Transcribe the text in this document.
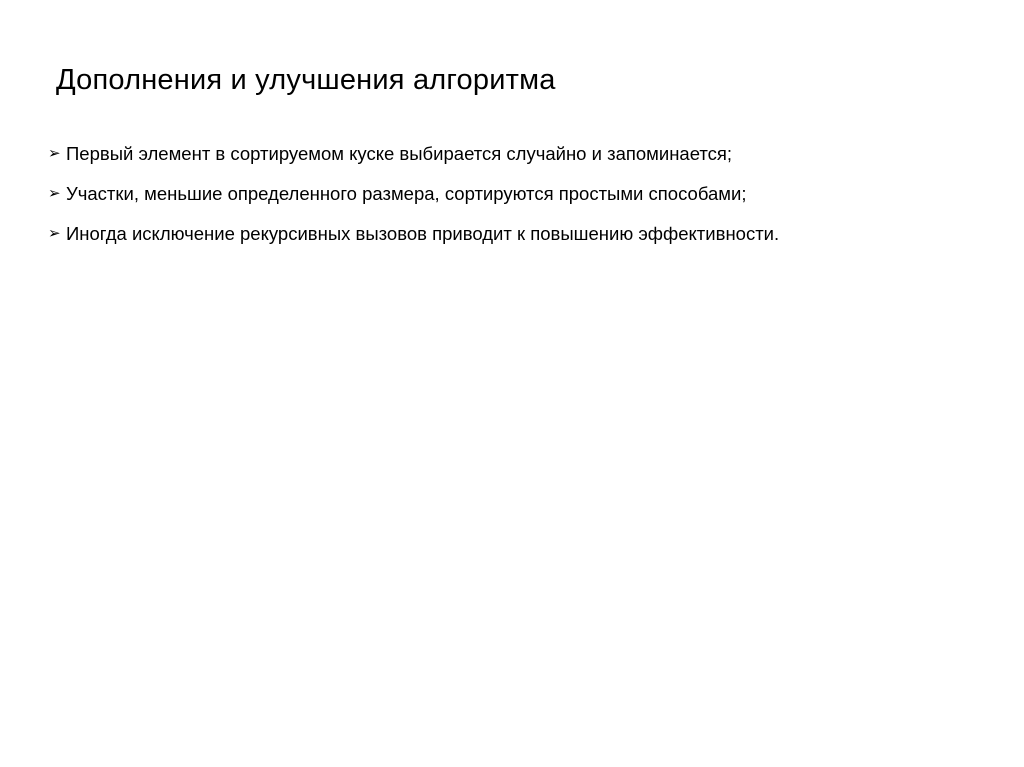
Дополнения и улучшения алгоритма
➢ Первый элемент в сортируемом куске выбирается случайно и запоминается;
➢ Участки, меньшие определенного размера, сортируются простыми способами;
➢ Иногда исключение рекурсивных вызовов приводит к повышению эффективности.
